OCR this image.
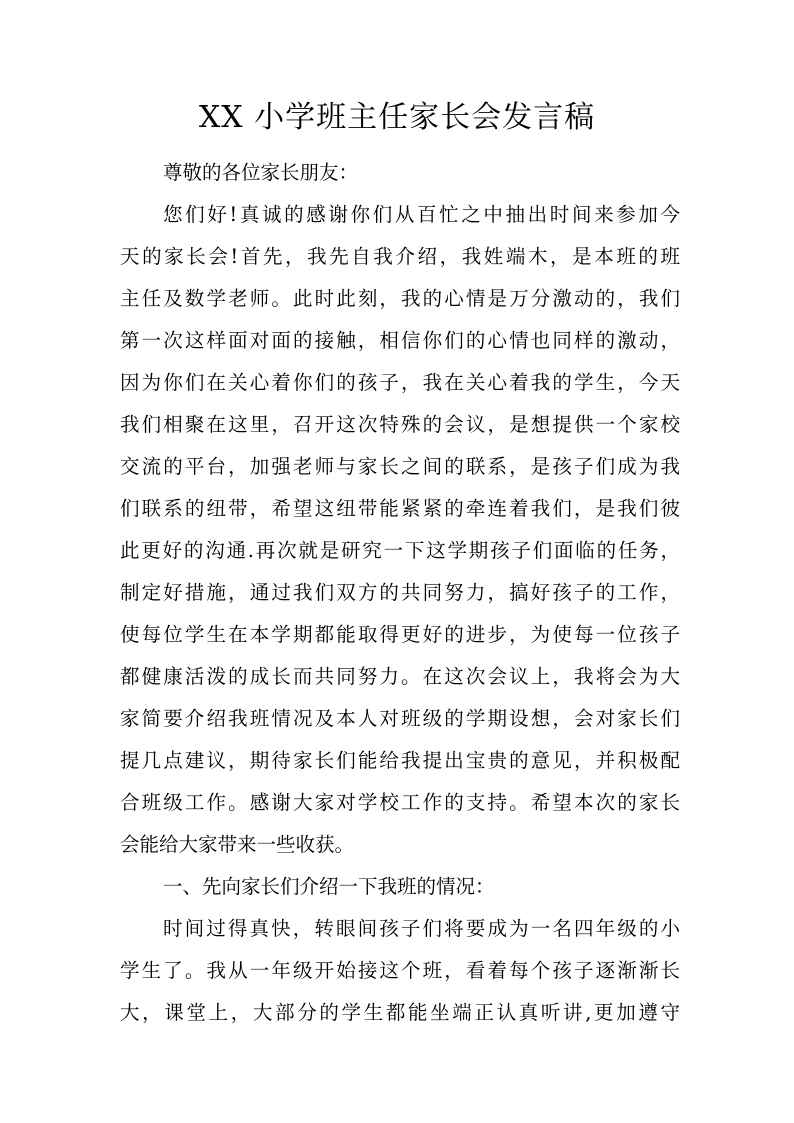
XX 小学班主任家长会发言稿

尊敬的各位家长朋友：

您们好!真诚的感谢你们从百忙之中抽出时间来参加今

天的家长会!首先，我先自我介绍，我姓端木，是本班的班

主任及数学老师。此时此刻，我的心情是万分激动的，我们

第一次这样面对面的接触，相信你们的心情也同样的激动，

因为你们在关心着你们的孩子，我在关心着我的学生，今天

我们相聚在这里，召开这次特殊的会议，是想提供一个家校

交流的平台，加强老师与家长之间的联系，是孩子们成为我

们联系的纽带，希望这纽带能紧紧的牵连着我们，是我们彼

此更好的沟通.再次就是研究一下这学期孩子们面临的任务，

制定好措施，通过我们双方的共同努力，搞好孩子的工作，

使每位学生在本学期都能取得更好的进步，为使每一位孩子

都健康活泼的成长而共同努力。在这次会议上，我将会为大

家简要介绍我班情况及本人对班级的学期设想，会对家长们

提几点建议，期待家长们能给我提出宝贵的意见，并积极配

合班级工作。感谢大家对学校工作的支持。希望本次的家长

会能给大家带来一些收获。

一、先向家长们介绍一下我班的情况：

时间过得真快，转眼间孩子们将要成为一名四年级的小

学生了。我从一年级开始接这个班，看着每个孩子逐渐渐长

大，课堂上，大部分的学生都能坐端正认真听讲,更加遵守
